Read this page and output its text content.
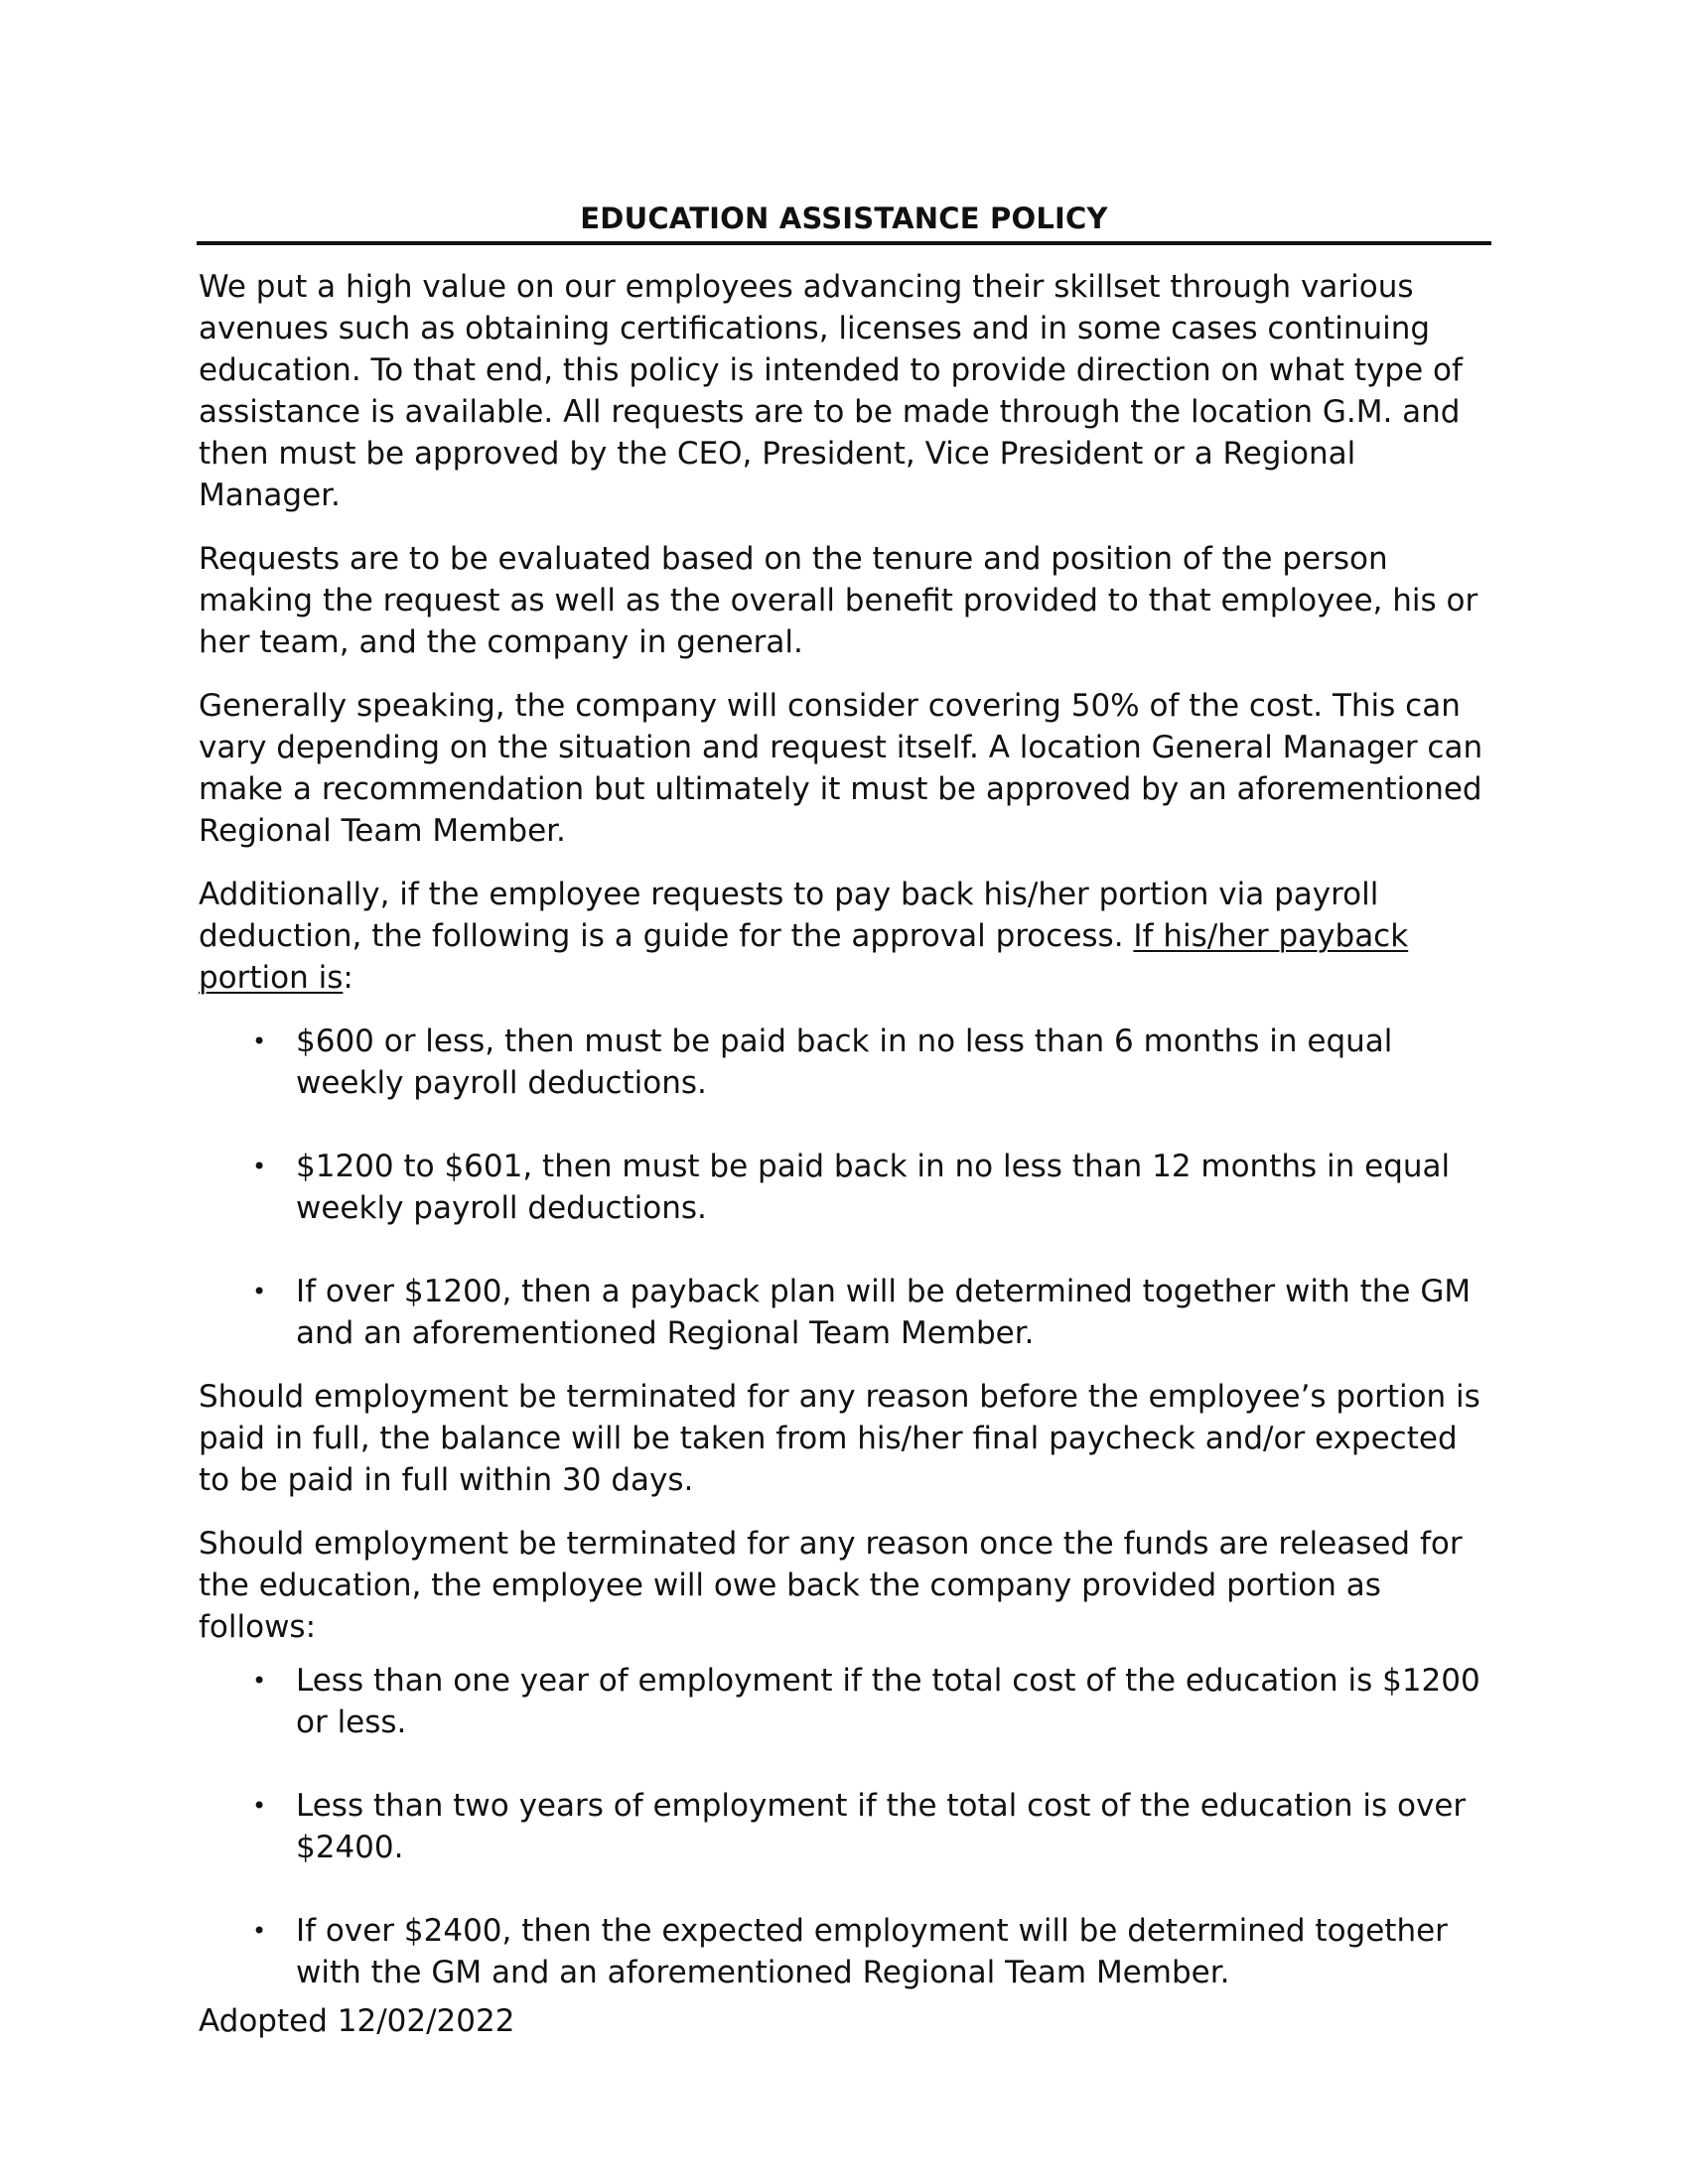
EDUCATION ASSISTANCE POLICY

We put a high value on our employees advancing their skillset through various avenues such as obtaining certifications, licenses and in some cases continuing education. To that end, this policy is intended to provide direction on what type of assistance is available. All requests are to be made through the location G.M. and then must be approved by the CEO, President, Vice President or a Regional Manager.

Requests are to be evaluated based on the tenure and position of the person making the request as well as the overall benefit provided to that employee, his or her team, and the company in general.

Generally speaking, the company will consider covering 50% of the cost. This can vary depending on the situation and request itself. A location General Manager can make a recommendation but ultimately it must be approved by an aforementioned Regional Team Member.

Additionally, if the employee requests to pay back his/her portion via payroll deduction, the following is a guide for the approval process. If his/her payback portion is:

• $600 or less, then must be paid back in no less than 6 months in equal weekly payroll deductions.
• $1200 to $601, then must be paid back in no less than 12 months in equal weekly payroll deductions.
• If over $1200, then a payback plan will be determined together with the GM and an aforementioned Regional Team Member.

Should employment be terminated for any reason before the employee’s portion is paid in full, the balance will be taken from his/her final paycheck and/or expected to be paid in full within 30 days.

Should employment be terminated for any reason once the funds are released for the education, the employee will owe back the company provided portion as follows:

• Less than one year of employment if the total cost of the education is $1200 or less.
• Less than two years of employment if the total cost of the education is over $2400.
• If over $2400, then the expected employment will be determined together with the GM and an aforementioned Regional Team Member.

Adopted 12/02/2022
